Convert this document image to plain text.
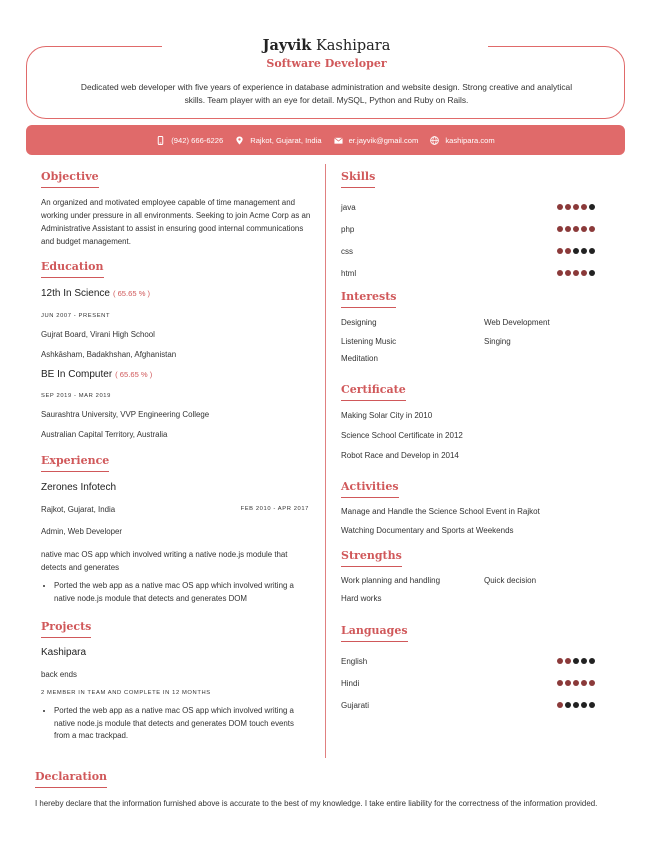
Jayvik Kashipara
Software Developer
Dedicated web developer with five years of experience in database administration and website design. Strong creative and analytical skills. Team player with an eye for detail. MySQL, Python and Ruby on Rails.
(942) 666-6226	Rajkot, Gujarat, India	er.jayvik@gmail.com	kashipara.com
Objective
An organized and motivated employee capable of time management and working under pressure in all environments. Seeking to join Acme Corp as an Administrative Assistant to assist in ensuring good internal communications and budget management.
Education
12th In Science ( 65.65 % )
JUN 2007 - PRESENT
Gujrat Board, Virani High School
Ashkāsham, Badakhshan, Afghanistan
BE In Computer ( 65.65 % )
SEP 2019 - MAR 2019
Saurashtra University, VVP Engineering College
Australian Capital Territory, Australia
Experience
Zerones Infotech
Rajkot, Gujarat, India	FEB 2010 - APR 2017
Admin, Web Developer
native mac OS app which involved writing a native node.js module that detects and generates
• Ported the web app as a native mac OS app which involved writing a native node.js module that detects and generates DOM
Projects
Kashipara
back ends
2 MEMBER IN TEAM AND COMPLETE IN 12 MONTHS
• Ported the web app as a native mac OS app which involved writing a native node.js module that detects and generates DOM touch events from a mac trackpad.
Skills
java
php
css
html
Interests
Designing	Web Development
Listening Music	Singing
Meditation
Certificate
Making Solar City in 2010
Science School Certificate in 2012
Robot Race and Develop in 2014
Activities
Manage and Handle the Science School Event in Rajkot
Watching Documentary and Sports at Weekends
Strengths
Work planning and handling	Quick decision
Hard works
Languages
English
Hindi
Gujarati
Declaration
I hereby declare that the information furnished above is accurate to the best of my knowledge. I take entire liability for the correctness of the information provided.
